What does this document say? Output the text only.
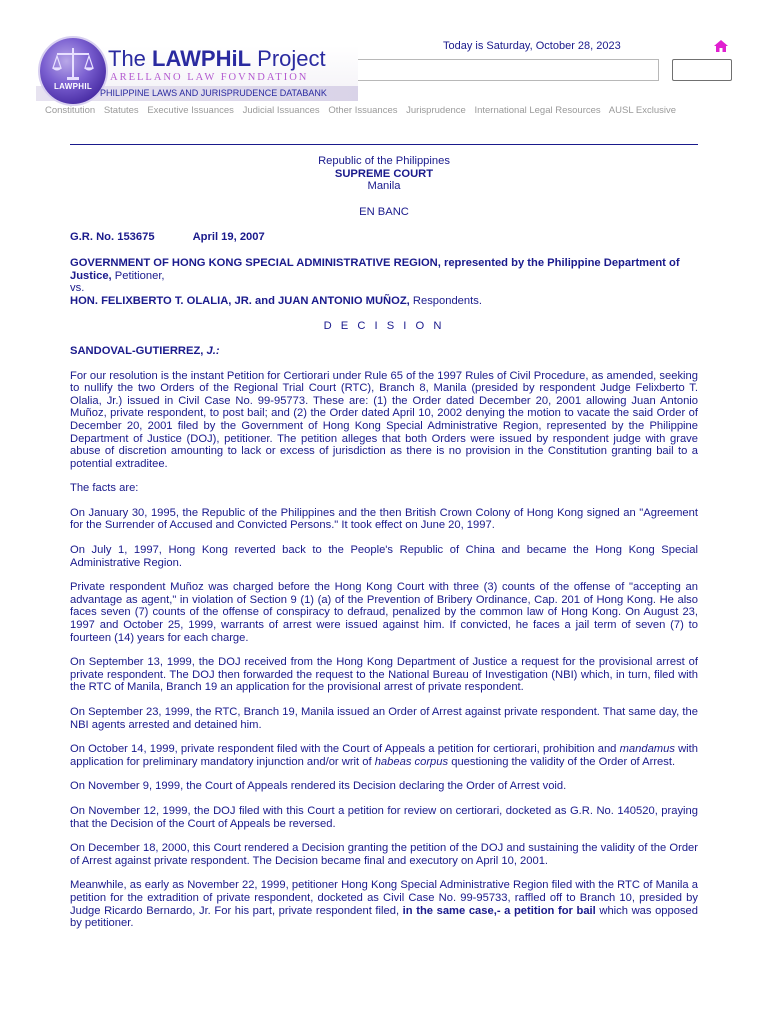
LAWPHIL
The LAWPHiL Project
ARELLANO LAW FOVNDATION
PHILIPPINE LAWS AND JURISPRUDENCE DATABANK
Today is Saturday, October 28, 2023
Constitution Statutes Executive Issuances Judicial Issuances Other Issuances Jurisprudence International Legal Resources AUSL Exclusive

Republic of the Philippines

SUPREME COURT

Manila

EN BANC

G.R. No. 153675	April 19, 2007

GOVERNMENT OF HONG KONG SPECIAL ADMINISTRATIVE REGION, represented by the Philippine Department of Justice, Petitioner,

vs.

HON. FELIXBERTO T. OLALIA, JR. and JUAN ANTONIO MUÑOZ, Respondents.

D E C I S I O N

SANDOVAL-GUTIERREZ, J.:

For our resolution is the instant Petition for Certiorari under Rule 65 of the 1997 Rules of Civil Procedure, as amended, seeking to nullify the two Orders of the Regional Trial Court (RTC), Branch 8, Manila (presided by respondent Judge Felixberto T. Olalia, Jr.) issued in Civil Case No. 99-95773. These are: (1) the Order dated December 20, 2001 allowing Juan Antonio Muñoz, private respondent, to post bail; and (2) the Order dated April 10, 2002 denying the motion to vacate the said Order of December 20, 2001 filed by the Government of Hong Kong Special Administrative Region, represented by the Philippine Department of Justice (DOJ), petitioner. The petition alleges that both Orders were issued by respondent judge with grave abuse of discretion amounting to lack or excess of jurisdiction as there is no provision in the Constitution granting bail to a potential extraditee.

The facts are:

On January 30, 1995, the Republic of the Philippines and the then British Crown Colony of Hong Kong signed an "Agreement for the Surrender of Accused and Convicted Persons." It took effect on June 20, 1997.

On July 1, 1997, Hong Kong reverted back to the People's Republic of China and became the Hong Kong Special Administrative Region.

Private respondent Muñoz was charged before the Hong Kong Court with three (3) counts of the offense of "accepting an advantage as agent," in violation of Section 9 (1) (a) of the Prevention of Bribery Ordinance, Cap. 201 of Hong Kong. He also faces seven (7) counts of the offense of conspiracy to defraud, penalized by the common law of Hong Kong. On August 23, 1997 and October 25, 1999, warrants of arrest were issued against him. If convicted, he faces a jail term of seven (7) to fourteen (14) years for each charge.

On September 13, 1999, the DOJ received from the Hong Kong Department of Justice a request for the provisional arrest of private respondent. The DOJ then forwarded the request to the National Bureau of Investigation (NBI) which, in turn, filed with the RTC of Manila, Branch 19 an application for the provisional arrest of private respondent.

On September 23, 1999, the RTC, Branch 19, Manila issued an Order of Arrest against private respondent. That same day, the NBI agents arrested and detained him.

On October 14, 1999, private respondent filed with the Court of Appeals a petition for certiorari, prohibition and mandamus with application for preliminary mandatory injunction and/or writ of habeas corpus questioning the validity of the Order of Arrest.

On November 9, 1999, the Court of Appeals rendered its Decision declaring the Order of Arrest void.

On November 12, 1999, the DOJ filed with this Court a petition for review on certiorari, docketed as G.R. No. 140520, praying that the Decision of the Court of Appeals be reversed.

On December 18, 2000, this Court rendered a Decision granting the petition of the DOJ and sustaining the validity of the Order of Arrest against private respondent. The Decision became final and executory on April 10, 2001.

Meanwhile, as early as November 22, 1999, petitioner Hong Kong Special Administrative Region filed with the RTC of Manila a petition for the extradition of private respondent, docketed as Civil Case No. 99-95733, raffled off to Branch 10, presided by Judge Ricardo Bernardo, Jr. For his part, private respondent filed, in the same case,- a petition for bail which was opposed by petitioner.
